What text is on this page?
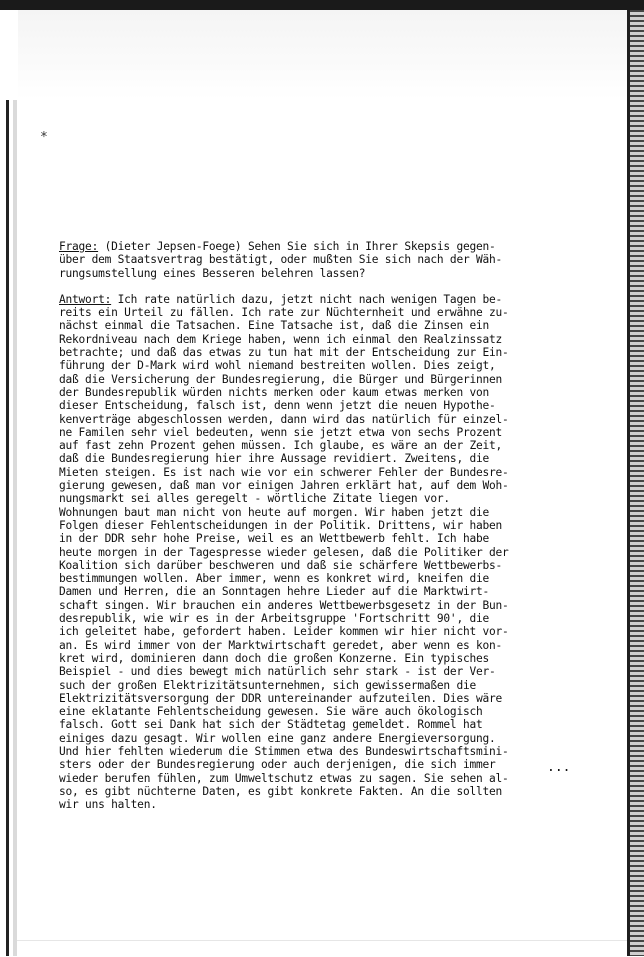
*
Frage: (Dieter Jepsen-Foege) Sehen Sie sich in Ihrer Skepsis gegen-
über dem Staatsvertrag bestätigt, oder mußten Sie sich nach der Wäh-
rungsumstellung eines Besseren belehren lassen?
Antwort: Ich rate natürlich dazu, jetzt nicht nach wenigen Tagen be-
reits ein Urteil zu fällen. Ich rate zur Nüchternheit und erwähne zu-
nächst einmal die Tatsachen. Eine Tatsache ist, daß die Zinsen ein
Rekordniveau nach dem Kriege haben, wenn ich einmal den Realzinssatz
betrachte; und daß das etwas zu tun hat mit der Entscheidung zur Ein-
führung der D-Mark wird wohl niemand bestreiten wollen. Dies zeigt,
daß die Versicherung der Bundesregierung, die Bürger und Bürgerinnen
der Bundesrepublik würden nichts merken oder kaum etwas merken von
dieser Entscheidung, falsch ist, denn wenn jetzt die neuen Hypothe-
kenverträge abgeschlossen werden, dann wird das natürlich für einzel-
ne Familen sehr viel bedeuten, wenn sie jetzt etwa von sechs Prozent
auf fast zehn Prozent gehen müssen. Ich glaube, es wäre an der Zeit,
daß die Bundesregierung hier ihre Aussage revidiert. Zweitens, die
Mieten steigen. Es ist nach wie vor ein schwerer Fehler der Bundesre-
gierung gewesen, daß man vor einigen Jahren erklärt hat, auf dem Woh-
nungsmarkt sei alles geregelt - wörtliche Zitate liegen vor.
Wohnungen baut man nicht von heute auf morgen. Wir haben jetzt die
Folgen dieser Fehlentscheidungen in der Politik. Drittens, wir haben
in der DDR sehr hohe Preise, weil es an Wettbewerb fehlt. Ich habe
heute morgen in der Tagespresse wieder gelesen, daß die Politiker der
Koalition sich darüber beschweren und daß sie schärfere Wettbewerbs-
bestimmungen wollen. Aber immer, wenn es konkret wird, kneifen die
Damen und Herren, die an Sonntagen hehre Lieder auf die Marktwirt-
schaft singen. Wir brauchen ein anderes Wettbewerbsgesetz in der Bun-
desrepublik, wie wir es in der Arbeitsgruppe 'Fortschritt 90', die
ich geleitet habe, gefordert haben. Leider kommen wir hier nicht vor-
an. Es wird immer von der Marktwirtschaft geredet, aber wenn es kon-
kret wird, dominieren dann doch die großen Konzerne. Ein typisches
Beispiel - und dies bewegt mich natürlich sehr stark - ist der Ver-
such der großen Elektrizitätsunternehmen, sich gewissermaßen die
Elektrizitätsversorgung der DDR untereinander aufzuteilen. Dies wäre
eine eklatante Fehlentscheidung gewesen. Sie wäre auch ökologisch
falsch. Gott sei Dank hat sich der Städtetag gemeldet. Rommel hat
einiges dazu gesagt. Wir wollen eine ganz andere Energieversorgung.
Und hier fehlten wiederum die Stimmen etwa des Bundeswirtschaftsmini-
sters oder der Bundesregierung oder auch derjenigen, die sich immer
wieder berufen fühlen, zum Umweltschutz etwas zu sagen. Sie sehen al-
so, es gibt nüchterne Daten, es gibt konkrete Fakten. An die sollten
wir uns halten.
...
